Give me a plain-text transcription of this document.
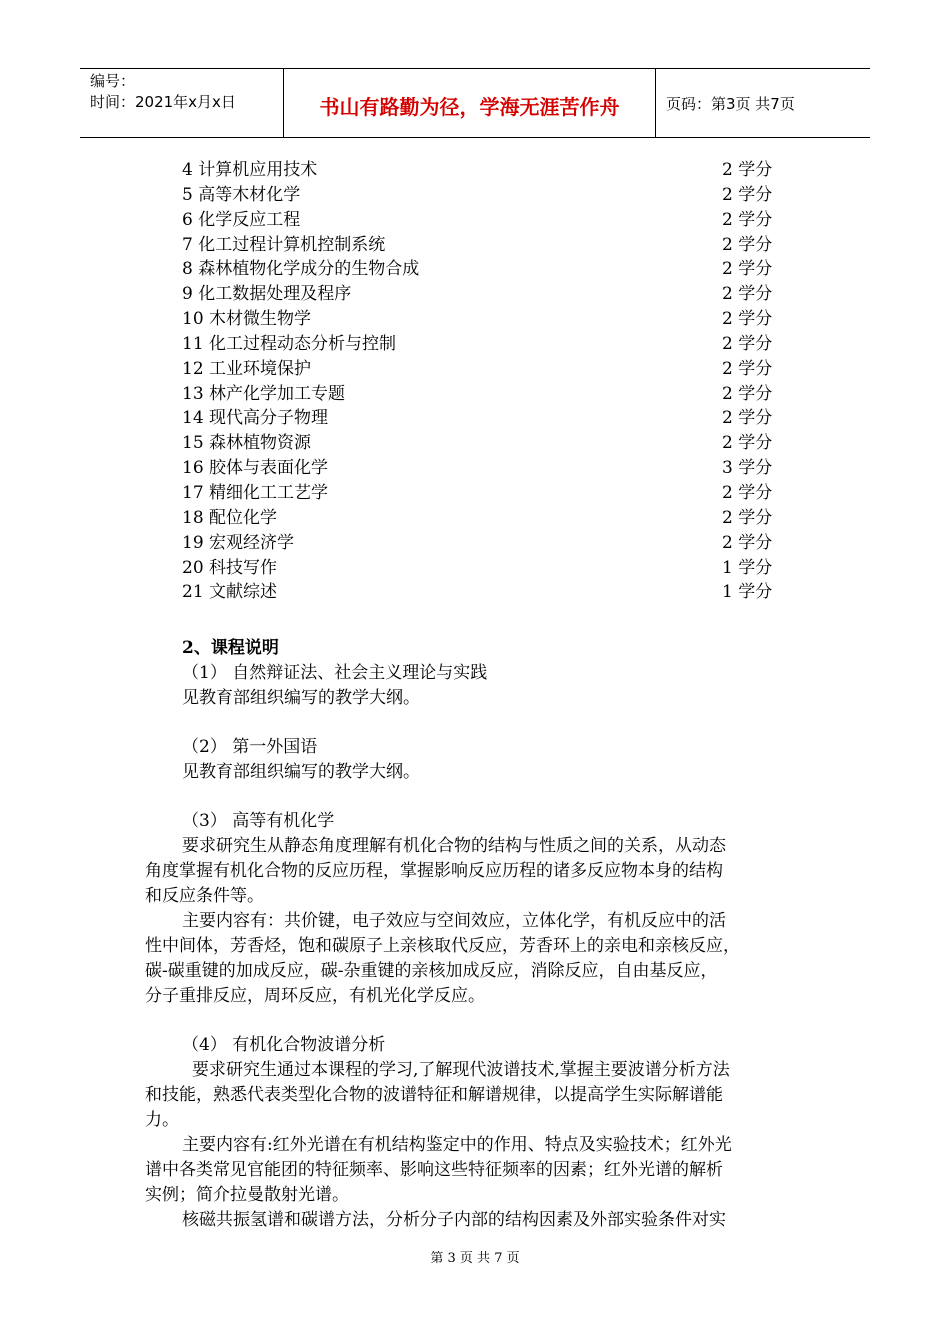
编号：
时间：2021年x月x日	书山有路勤为径，学海无涯苦作舟	页码：第3页 共7页
4 计算机应用技术	2 学分
5 高等木材化学	2 学分
6 化学反应工程	2 学分
7 化工过程计算机控制系统	2 学分
8 森林植物化学成分的生物合成	2 学分
9 化工数据处理及程序	2 学分
10 木材微生物学	2 学分
11 化工过程动态分析与控制	2 学分
12 工业环境保护	2 学分
13 林产化学加工专题	2 学分
14 现代高分子物理	2 学分
15 森林植物资源	2 学分
16 胶体与表面化学	3 学分
17 精细化工工艺学	2 学分
18 配位化学	2 学分
19 宏观经济学	2 学分
20 科技写作	1 学分
21 文献综述	1 学分
2、课程说明
（1） 自然辩证法、社会主义理论与实践
见教育部组织编写的教学大纲。
（2） 第一外国语
见教育部组织编写的教学大纲。
（3） 高等有机化学
要求研究生从静态角度理解有机化合物的结构与性质之间的关系，从动态
角度掌握有机化合物的反应历程，掌握影响反应历程的诸多反应物本身的结构
和反应条件等。
主要内容有：共价键，电子效应与空间效应，立体化学，有机反应中的活
性中间体，芳香烃，饱和碳原子上亲核取代反应，芳香环上的亲电和亲核反应，
碳-碳重键的加成反应，碳-杂重键的亲核加成反应，消除反应，自由基反应，
分子重排反应，周环反应，有机光化学反应。
（4） 有机化合物波谱分析
要求研究生通过本课程的学习,了解现代波谱技术,掌握主要波谱分析方法
和技能，熟悉代表类型化合物的波谱特征和解谱规律，以提高学生实际解谱能
力。
主要内容有:红外光谱在有机结构鉴定中的作用、特点及实验技术；红外光
谱中各类常见官能团的特征频率、影响这些特征频率的因素；红外光谱的解析
实例；简介拉曼散射光谱。
核磁共振氢谱和碳谱方法，分析分子内部的结构因素及外部实验条件对实
第 3 页 共 7 页
